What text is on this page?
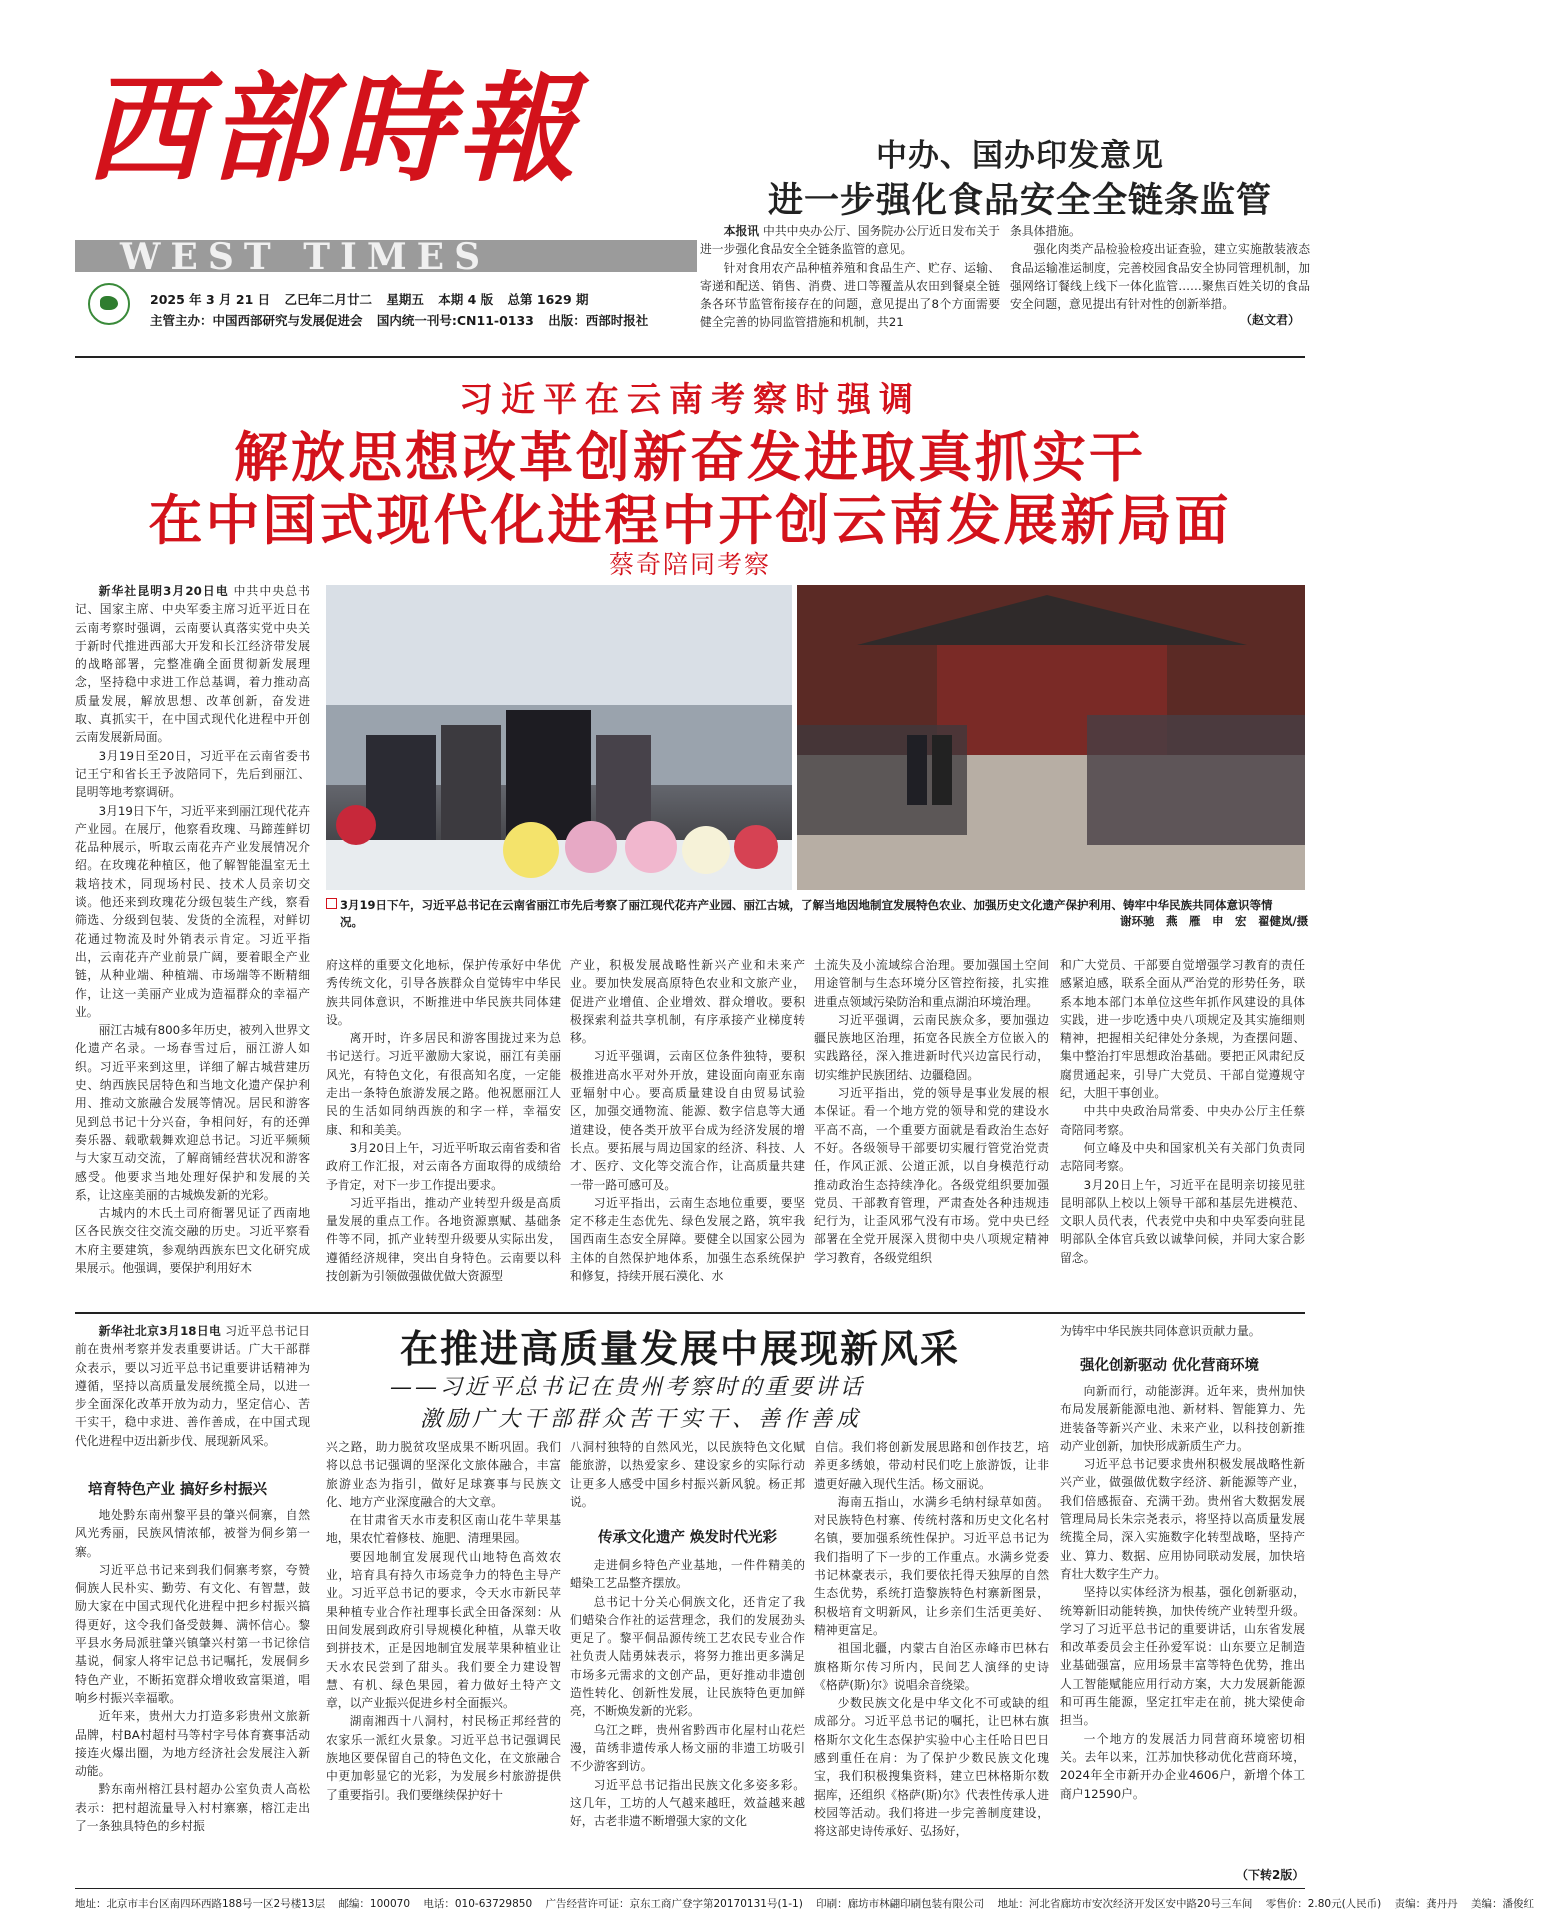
西部時報
WEST TIMES
2025 年 3 月 21 日 乙巳年二月廿二 星期五 本期 4 版 总第 1629 期
主管主办：中国西部研究与发展促进会 国内统一刊号:CN11-0133 出版：西部时报社
中办、国办印发意见
进一步强化食品安全全链条监管

本报讯 中共中央办公厅、国务院办公厅近日发布关于进一步强化食品安全全链条监管的意见。

针对食用农产品种植养殖和食品生产、贮存、运输、寄递和配送、销售、消费、进口等覆盖从农田到餐桌全链条各环节监管衔接存在的问题，意见提出了8个方面需要健全完善的协同监管措施和机制，共21

条具体措施。

强化肉类产品检验检疫出证查验，建立实施散装液态食品运输准运制度，完善校园食品安全协同管理机制，加强网络订餐线上线下一体化监管……聚焦百姓关切的食品安全问题，意见提出有针对性的创新举措。

（赵文君）
习近平在云南考察时强调
解放思想改革创新奋发进取真抓实干
在中国式现代化进程中开创云南发展新局面
蔡奇陪同考察

新华社昆明3月20日电 中共中央总书记、国家主席、中央军委主席习近平近日在云南考察时强调，云南要认真落实党中央关于新时代推进西部大开发和长江经济带发展的战略部署，完整准确全面贯彻新发展理念，坚持稳中求进工作总基调，着力推动高质量发展，解放思想、改革创新，奋发进取、真抓实干，在中国式现代化进程中开创云南发展新局面。

3月19日至20日，习近平在云南省委书记王宁和省长王予波陪同下，先后到丽江、昆明等地考察调研。

3月19日下午，习近平来到丽江现代花卉产业园。在展厅，他察看玫瑰、马蹄莲鲜切花品种展示，听取云南花卉产业发展情况介绍。在玫瑰花种植区，他了解智能温室无土栽培技术，同现场村民、技术人员亲切交谈。他还来到玫瑰花分级包装生产线，察看筛选、分级到包装、发货的全流程，对鲜切花通过物流及时外销表示肯定。习近平指出，云南花卉产业前景广阔，要着眼全产业链，从种业端、种植端、市场端等不断精细作，让这一美丽产业成为造福群众的幸福产业。

丽江古城有800多年历史，被列入世界文化遗产名录。一场春雪过后，丽江游人如织。习近平来到这里，详细了解古城营建历史、纳西族民居特色和当地文化遗产保护利用、推动文旅融合发展等情况。居民和游客见到总书记十分兴奋，争相问好，有的还弹奏乐器、载歌载舞欢迎总书记。习近平频频与大家互动交流，了解商铺经营状况和游客感受。他要求当地处理好保护和发展的关系，让这座美丽的古城焕发新的光彩。

古城内的木氏土司府衙署见证了西南地区各民族交往交流交融的历史。习近平察看木府主要建筑，参观纳西族东巴文化研究成果展示。他强调，要保护利用好木

3月19日下午，习近平总书记在云南省丽江市先后考察了丽江现代花卉产业园、丽江古城，了解当地因地制宜发展特色农业、加强历史文化遗产保护利用、铸牢中华民族共同体意识等情况。	谢环驰　燕　雁　申　宏　翟健岚/摄

府这样的重要文化地标，保护传承好中华优秀传统文化，引导各族群众自觉铸牢中华民族共同体意识，不断推进中华民族共同体建设。

离开时，许多居民和游客围拢过来为总书记送行。习近平激励大家说，丽江有美丽风光，有特色文化，有很高知名度，一定能走出一条特色旅游发展之路。他祝愿丽江人民的生活如同纳西族的和字一样，幸福安康、和和美美。

3月20日上午，习近平听取云南省委和省政府工作汇报，对云南各方面取得的成绩给予肯定，对下一步工作提出要求。

习近平指出，推动产业转型升级是高质量发展的重点工作。各地资源禀赋、基础条件等不同，抓产业转型升级要从实际出发，遵循经济规律，突出自身特色。云南要以科技创新为引领做强做优做大资源型

产业，积极发展战略性新兴产业和未来产业。要加快发展高原特色农业和文旅产业，促进产业增值、企业增效、群众增收。要积极探索利益共享机制，有序承接产业梯度转移。

习近平强调，云南区位条件独特，要积极推进高水平对外开放，建设面向南亚东南亚辐射中心。要高质量建设自由贸易试验区，加强交通物流、能源、数字信息等大通道建设，使各类开放平台成为经济发展的增长点。要拓展与周边国家的经济、科技、人才、医疗、文化等交流合作，让高质量共建一带一路可感可及。

习近平指出，云南生态地位重要，要坚定不移走生态优先、绿色发展之路，筑牢我国西南生态安全屏障。要健全以国家公园为主体的自然保护地体系，加强生态系统保护和修复，持续开展石漠化、水

土流失及小流域综合治理。要加强国土空间用途管制与生态环境分区管控衔接，扎实推进重点领域污染防治和重点湖泊环境治理。

习近平强调，云南民族众多，要加强边疆民族地区治理，拓宽各民族全方位嵌入的实践路径，深入推进新时代兴边富民行动，切实维护民族团结、边疆稳固。

习近平指出，党的领导是事业发展的根本保证。看一个地方党的领导和党的建设水平高不高，一个重要方面就是看政治生态好不好。各级领导干部要切实履行管党治党责任，作风正派、公道正派，以自身模范行动推动政治生态持续净化。各级党组织要加强党员、干部教育管理，严肃查处各种违规违纪行为，让歪风邪气没有市场。党中央已经部署在全党开展深入贯彻中央八项规定精神学习教育，各级党组织

和广大党员、干部要自觉增强学习教育的责任感紧迫感，联系全面从严治党的形势任务，联系本地本部门本单位这些年抓作风建设的具体实践，进一步吃透中央八项规定及其实施细则精神，把握相关纪律处分条规，为查摆问题、集中整治打牢思想政治基础。要把正风肃纪反腐贯通起来，引导广大党员、干部自觉遵规守纪，大胆干事创业。

中共中央政治局常委、中央办公厅主任蔡奇陪同考察。

何立峰及中央和国家机关有关部门负责同志陪同考察。

3月20日上午，习近平在昆明亲切接见驻昆明部队上校以上领导干部和基层先进模范、文职人员代表，代表党中央和中央军委向驻昆明部队全体官兵致以诚挚问候，并同大家合影留念。

新华社北京3月18日电 习近平总书记日前在贵州考察并发表重要讲话。广大干部群众表示，要以习近平总书记重要讲话精神为遵循，坚持以高质量发展统揽全局，以进一步全面深化改革开放为动力，坚定信心、苦干实干，稳中求进、善作善成，在中国式现代化进程中迈出新步伐、展现新风采。

培育特色产业 搞好乡村振兴

地处黔东南州黎平县的肇兴侗寨，自然风光秀丽，民族风情浓郁，被誉为侗乡第一寨。

习近平总书记来到我们侗寨考察，夸赞侗族人民朴实、勤劳、有文化、有智慧，鼓励大家在中国式现代化进程中把乡村振兴搞得更好，这令我们备受鼓舞、满怀信心。黎平县水务局派驻肇兴镇肇兴村第一书记徐信基说，侗家人将牢记总书记嘱托，发展侗乡特色产业，不断拓宽群众增收致富渠道，唱响乡村振兴幸福歌。

近年来，贵州大力打造多彩贵州文旅新品牌，村BA村超村马等村字号体育赛事活动接连火爆出圈，为地方经济社会发展注入新动能。

黔东南州榕江县村超办公室负责人高松表示：把村超流量导入村村寨寨，榕江走出了一条独具特色的乡村振

在推进高质量发展中展现新风采
——习近平总书记在贵州考察时的重要讲话
激励广大干部群众苦干实干、善作善成

兴之路，助力脱贫攻坚成果不断巩固。我们将以总书记强调的坚深化文旅体融合，丰富旅游业态为指引，做好足球赛事与民族文化、地方产业深度融合的大文章。

在甘肃省天水市麦积区南山花牛苹果基地，果农忙着修枝、施肥、清理果园。

要因地制宜发展现代山地特色高效农业，培育具有持久市场竞争力的特色主导产业。习近平总书记的要求，令天水市新民苹果种植专业合作社理事长武全田备深刻：从田间发展到政府引导规模化种植，从靠天收到拼技术，正是因地制宜发展苹果种植业让天水农民尝到了甜头。我们要全力建设智慧、有机、绿色果园，着力做好土特产文章，以产业振兴促进乡村全面振兴。

湖南湘西十八洞村，村民杨正邦经营的农家乐一派红火景象。习近平总书记强调民族地区要保留自己的特色文化，在文旅融合中更加彰显它的光彩，为发展乡村旅游提供了重要指引。我们要继续保护好十

八洞村独特的自然风光，以民族特色文化赋能旅游，以热爱家乡、建设家乡的实际行动让更多人感受中国乡村振兴新风貌。杨正邦说。

传承文化遗产 焕发时代光彩

走进侗乡特色产业基地，一件件精美的蜡染工艺品整齐摆放。

总书记十分关心侗族文化，还肯定了我们蜡染合作社的运营理念，我们的发展劲头更足了。黎平侗品源传统工艺农民专业合作社负责人陆勇妹表示，将努力推出更多满足市场多元需求的文创产品，更好推动非遗创造性转化、创新性发展，让民族特色更加鲜亮，不断焕发新的光彩。

乌江之畔，贵州省黔西市化屋村山花烂漫，苗绣非遗传承人杨文丽的非遗工坊吸引不少游客到访。

习近平总书记指出民族文化多姿多彩。这几年，工坊的人气越来越旺，效益越来越好，古老非遗不断增强大家的文化

自信。我们将创新发展思路和创作技艺，培养更多绣娘，带动村民们吃上旅游饭，让非遗更好融入现代生活。杨文丽说。

海南五指山，水满乡毛纳村绿草如茵。对民族特色村寨、传统村落和历史文化名村名镇，要加强系统性保护。习近平总书记为我们指明了下一步的工作重点。水满乡党委书记林豪表示，我们要依托得天独厚的自然生态优势，系统打造黎族特色村寨新图景，积极培育文明新风，让乡亲们生活更美好、精神更富足。

祖国北疆，内蒙古自治区赤峰市巴林右旗格斯尔传习所内，民间艺人演绎的史诗《格萨(斯)尔》说唱余音绕梁。

少数民族文化是中华文化不可或缺的组成部分。习近平总书记的嘱托，让巴林右旗格斯尔文化生态保护实验中心主任哈日巴日感到重任在肩：为了保护少数民族文化瑰宝，我们积极搜集资料，建立巴林格斯尔数据库，还组织《格萨(斯)尔》代表性传承人进校园等活动。我们将进一步完善制度建设，将这部史诗传承好、弘扬好，

为铸牢中华民族共同体意识贡献力量。

强化创新驱动 优化营商环境

向新而行，动能澎湃。近年来，贵州加快布局发展新能源电池、新材料、智能算力、先进装备等新兴产业、未来产业，以科技创新推动产业创新，加快形成新质生产力。

习近平总书记要求贵州积极发展战略性新兴产业，做强做优数字经济、新能源等产业，我们倍感振奋、充满干劲。贵州省大数据发展管理局局长朱宗尧表示，将坚持以高质量发展统揽全局，深入实施数字化转型战略，坚持产业、算力、数据、应用协同联动发展，加快培育壮大数字生产力。

坚持以实体经济为根基，强化创新驱动，统筹新旧动能转换，加快传统产业转型升级。学习了习近平总书记的重要讲话，山东省发展和改革委员会主任孙爱军说：山东要立足制造业基础强富，应用场景丰富等特色优势，推出人工智能赋能应用行动方案，大力发展新能源和可再生能源，坚定扛牢走在前，挑大梁使命担当。

一个地方的发展活力同营商环境密切相关。去年以来，江苏加快移动优化营商环境，2024年全市新开办企业4606户，新增个体工商户12590户。

（下转2版）
地址：北京市丰台区南四环西路188号一区2号楼13层 邮编：100070 电话：010-63729850 广告经营许可证：京东工商广登字第20170131号(1-1) 印刷：廊坊市林翩印刷包装有限公司 地址：河北省廊坊市安次经济开发区安中路20号三车间 零售价：2.80元(人民币) 责编：龚丹丹 美编：潘俊红
